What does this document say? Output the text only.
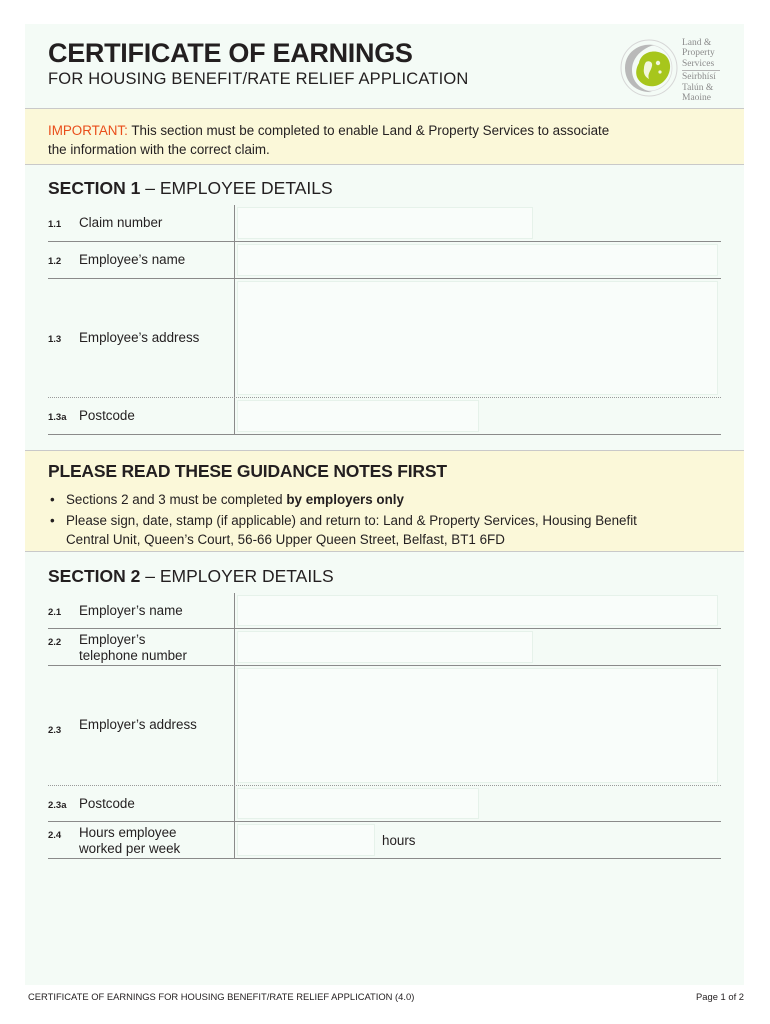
CERTIFICATE OF EARNINGS
FOR HOUSING BENEFIT/RATE RELIEF APPLICATION
Land &
Property
Services
Seirbhísí
Talún &
Maoine
IMPORTANT: This section must be completed to enable Land & Property Services to associate
the information with the correct claim.
SECTION 1 – EMPLOYEE DETAILS
1.1 Claim number
1.2 Employee’s name
1.3 Employee’s address
1.3a Postcode
PLEASE READ THESE GUIDANCE NOTES FIRST
• Sections 2 and 3 must be completed by employers only
• Please sign, date, stamp (if applicable) and return to: Land & Property Services, Housing Benefit
Central Unit, Queen’s Court, 56-66 Upper Queen Street, Belfast, BT1 6FD
SECTION 2 – EMPLOYER DETAILS
2.1 Employer’s name
2.2 Employer’s
telephone number
2.3 Employer’s address
2.3a Postcode
2.4 Hours employee
worked per week
hours
CERTIFICATE OF EARNINGS FOR HOUSING BENEFIT/RATE RELIEF APPLICATION (4.0)	Page 1 of 2
